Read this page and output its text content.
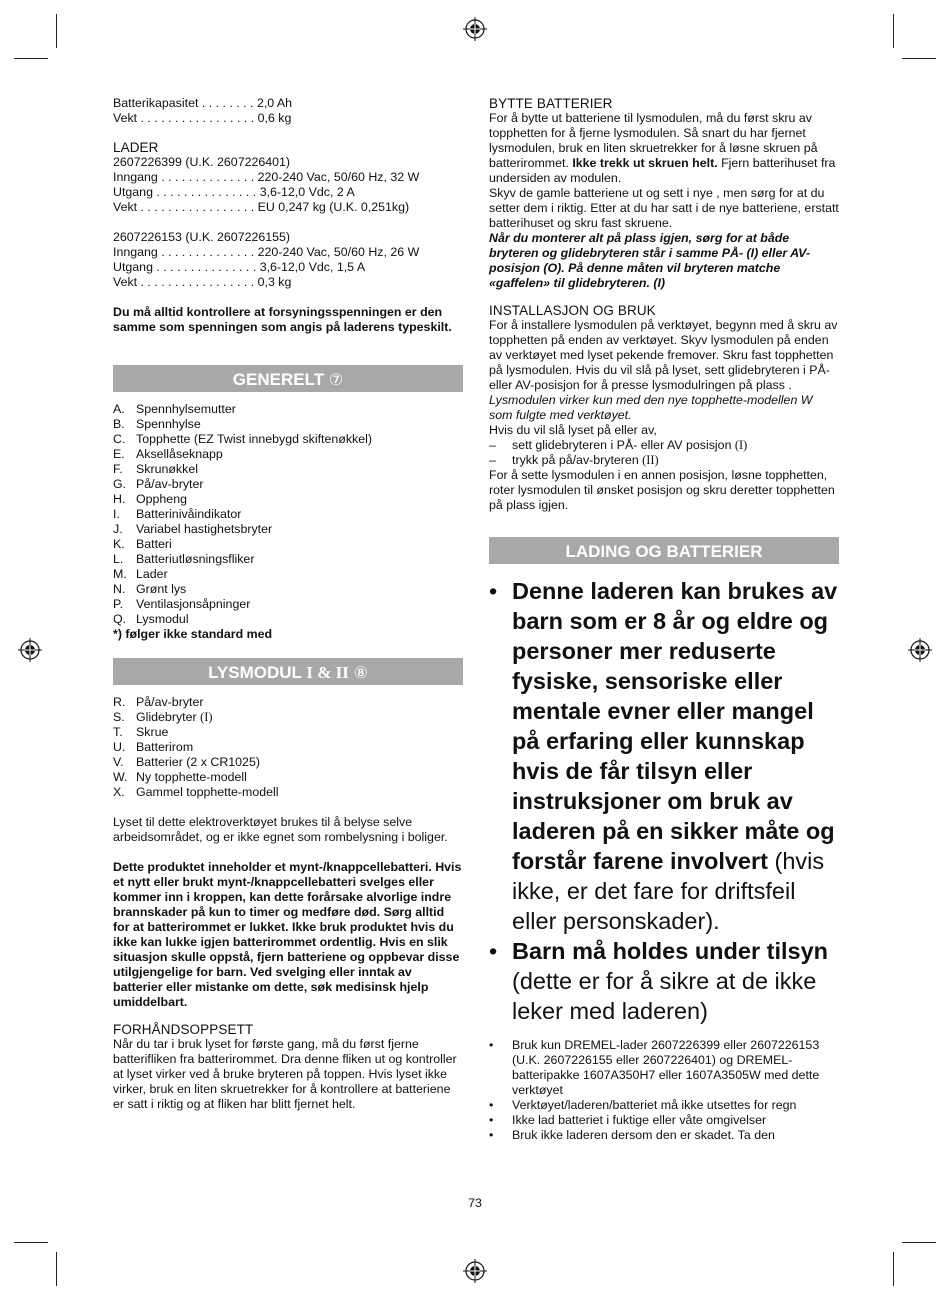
Batterikapasitet . . . . . . . . 2,0 Ah
Vekt . . . . . . . . . . . . . . . . . 0,6 kg
LADER
2607226399 (U.K. 2607226401)
Inngang . . . . . . . . . . . . . . 220-240 Vac, 50/60 Hz, 32 W
Utgang . . . . . . . . . . . . . . . 3,6-12,0 Vdc, 2 A
Vekt . . . . . . . . . . . . . . . . . EU 0,247 kg (U.K. 0,251kg)
2607226153 (U.K. 2607226155)
Inngang . . . . . . . . . . . . . . 220-240 Vac, 50/60 Hz, 26 W
Utgang . . . . . . . . . . . . . . . 3,6-12,0 Vdc, 1,5 A
Vekt . . . . . . . . . . . . . . . . . 0,3 kg
Du må alltid kontrollere at forsyningsspenningen er den samme som spenningen som angis på laderens typeskilt.
GENERELT ⑦
A. Spennhylsemutter
B. Spennhylse
C. Topphette (EZ Twist innebygd skiftenøkkel)
E. Aksellåseknapp
F.	Skrunøkkel
G. På/av-bryter
H. Oppheng
I.	Batterinivåindikator
J.	Variabel hastighetsbryter
K. Batteri
L.	Batteriutløsningsfliker
M. Lader
N. Grønt lys
P.	Ventilasjonsåpninger
Q. Lysmodul
*) følger ikke standard med
LYSMODUL I & II ⑧
R. På/av-bryter
S. Glidebryter
(I)
T.	Skrue
U. Batterirom
V.	Batterier (2 x CR1025)
W. Ny topphette-modell
X. Gammel topphette-modell
Lyset til dette elektroverktøyet brukes til å belyse selve arbeidsområdet, og er ikke egnet som rombelysning i boliger.
Dette produktet inneholder et mynt-/knappcellebatteri. Hvis et nytt eller brukt mynt-/knappcellebatteri svelges eller kommer inn i kroppen, kan dette forårsake alvorlige indre brannskader på kun to timer og medføre død. Sørg alltid for at batterirommet er lukket. Ikke bruk produktet hvis du ikke kan lukke igjen batterirommet ordentlig. Hvis en slik situasjon skulle oppstå, fjern batteriene og oppbevar disse utilgjengelige for barn. Ved svelging eller inntak av batterier eller mistanke om dette, søk medisinsk hjelp umiddelbart.
FORHÅNDSOPPSETT
Når du tar i bruk lyset for første gang, må du først fjerne batterifliken fra batterirommet. Dra denne fliken ut og kontroller at lyset virker ved å bruke bryteren på toppen. Hvis lyset ikke virker, bruk en liten skruetrekker for å kontrollere at batteriene er satt i riktig og at fliken har blitt fjernet helt.
BYTTE BATTERIER
For å bytte ut batteriene til lysmodulen, må du først skru av topphetten for å fjerne lysmodulen. Så snart du har fjernet lysmodulen, bruk en liten skruetrekker for å løsne skruen på batterirommet. Ikke trekk ut skruen helt. Fjern batterihuset fra undersiden av modulen.
Skyv de gamle batteriene ut og sett i nye , men sørg for at du setter dem i riktig. Etter at du har satt i de nye batteriene, erstatt batterihuset og skru fast skruene.
Når du monterer alt på plass igjen, sørg for at både bryteren og glidebryteren står i samme PÅ- (I) eller AV-posisjon (O). På denne måten vil bryteren matche «gaffelen» til glidebryteren. (I)
INSTALLASJON OG BRUK
For å installere lysmodulen på verktøyet, begynn med å skru av topphetten på enden av verktøyet. Skyv lysmodulen på enden av verktøyet med lyset pekende fremover. Skru fast topphetten på lysmodulen. Hvis du vil slå på lyset, sett glidebryteren i PÅ- eller AV-posisjon for å presse lysmodulringen på plass . Lysmodulen virker kun med den nye topphette-modellen W som fulgte med verktøyet.
Hvis du vil slå lyset på eller av,
–	sett glidebryteren i PÅ- eller AV posisjon
(I)
–	trykk på på/av-bryteren
(II)
For å sette lysmodulen i en annen posisjon, løsne topphetten, roter lysmodulen til ønsket posisjon og skru deretter topphetten på plass igjen.
LADING OG BATTERIER
• Denne laderen kan brukes av barn som er 8 år og eldre og personer mer reduserte fysiske, sensoriske eller mentale evner eller mangel på erfaring eller kunnskap hvis de får tilsyn eller instruksjoner om bruk av laderen på en sikker måte og forstår farene involvert (hvis ikke, er det fare for driftsfeil eller personskader).
• Barn må holdes under tilsyn (dette er for å sikre at de ikke leker med laderen)
•	Bruk kun DREMEL-lader 2607226399 eller 2607226153 (U.K. 2607226155 eller 2607226401) og DREMEL-batteripakke 1607A350H7 eller 1607A3505W med dette verktøyet
•	Verktøyet/laderen/batteriet må ikke utsettes for regn
•	Ikke lad batteriet i fuktige eller våte omgivelser
•	Bruk ikke laderen dersom den er skadet. Ta den
73
